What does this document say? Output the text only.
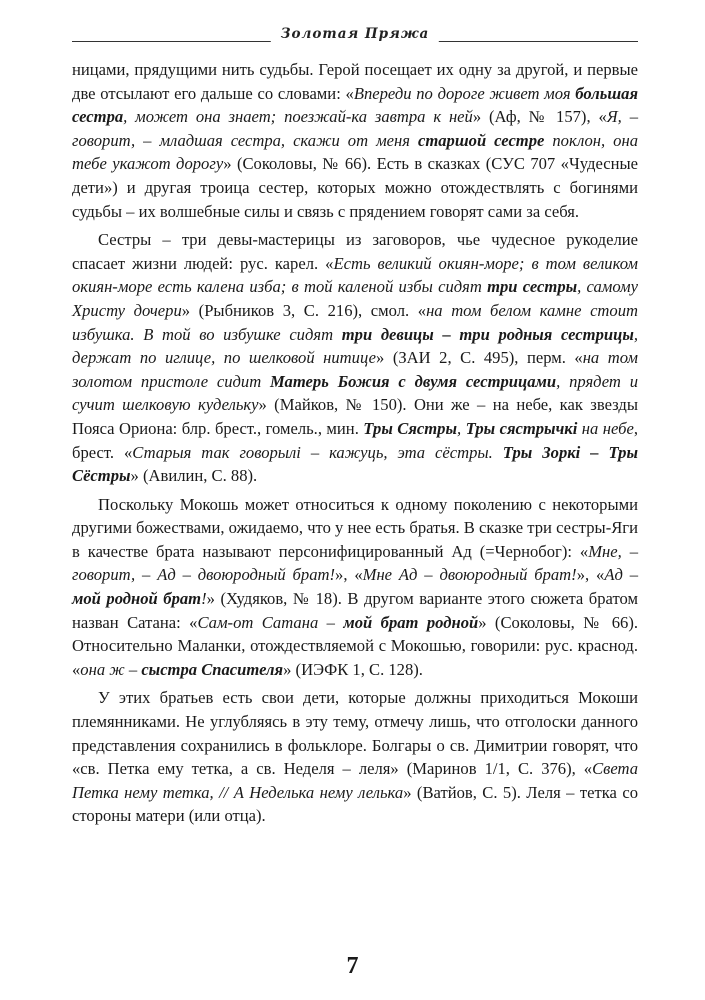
Золотая Пряжа

ницами, прядущими нить судьбы. Герой посещает их одну за другой, и первые две отсылают его дальше со словами: «Впереди по дороге живет моя большая сестра, может она знает; поезжай-ка завтра к ней» (Аф, № 157), «Я, – говорит, – младшая сестра, скажи от меня старшой сестре поклон, она тебе укажот дорогу» (Соколовы, № 66). Есть в сказках (СУС 707 «Чудесные дети») и другая троица сестер, которых можно отождествлять с богинями судьбы – их волшебные силы и связь с прядением говорят сами за себя.

Сестры – три девы-мастерицы из заговоров, чье чудесное рукоделие спасает жизни людей: рус. карел. «Есть великий окиян-море; в том великом окиян-море есть калена изба; в той каленой избы сидят три сестры, самому Христу дочери» (Рыбников 3, С. 216), смол. «на том белом камне стоит избушка. В той во избушке сидят три девицы – три родныя сестрицы, держат по иглице, по шелковой нитице» (ЗАИ 2, С. 495), перм. «на том золотом пристоле сидит Матерь Божия с двумя сестрицами, прядет и сучит шелковую куделькy» (Майков, № 150). Они же – на небе, как звезды Пояса Ориона: блр. брест., гомель., мин. Тры Сястры, Тры сястрычкі на небе, брест. «Старыя так говорылі – кажуць, эта сёстры. Тры Зоркі – Тры Сёстры» (Авилин, С. 88).

Поскольку Мокошь может относиться к одному поколению с некоторыми другими божествами, ожидаемо, что у нее есть братья. В сказке три сестры-Яги в качестве брата называют персонифицированный Ад (=Чернобог): «Мне, – говорит, – Ад – двоюродный брат!», «Мне Ад – двоюродный брат!», «Ад – мой родной брат!» (Худяков, № 18). В другом варианте этого сюжета братом назван Сатана: «Сам-от Сатана – мой брат родной» (Соколовы, № 66). Относительно Маланки, отождествляемой с Мокошью, говорили: рус. краснод. «она ж – сыстра Спасителя» (ИЭФК 1, С. 128).

У этих братьев есть свои дети, которые должны приходиться Мокоши племянниками. Не углубляясь в эту тему, отмечу лишь, что отголоски данного представления сохранились в фольклоре. Болгары о св. Димитрии говорят, что «св. Петка ему тетка, а св. Неделя – леля» (Маринов 1/1, С. 376), «Света Петка нему тетка, // А Неделька нему лелька» (Ватйов, С. 5). Леля – тетка со стороны матери (или отца).

7
